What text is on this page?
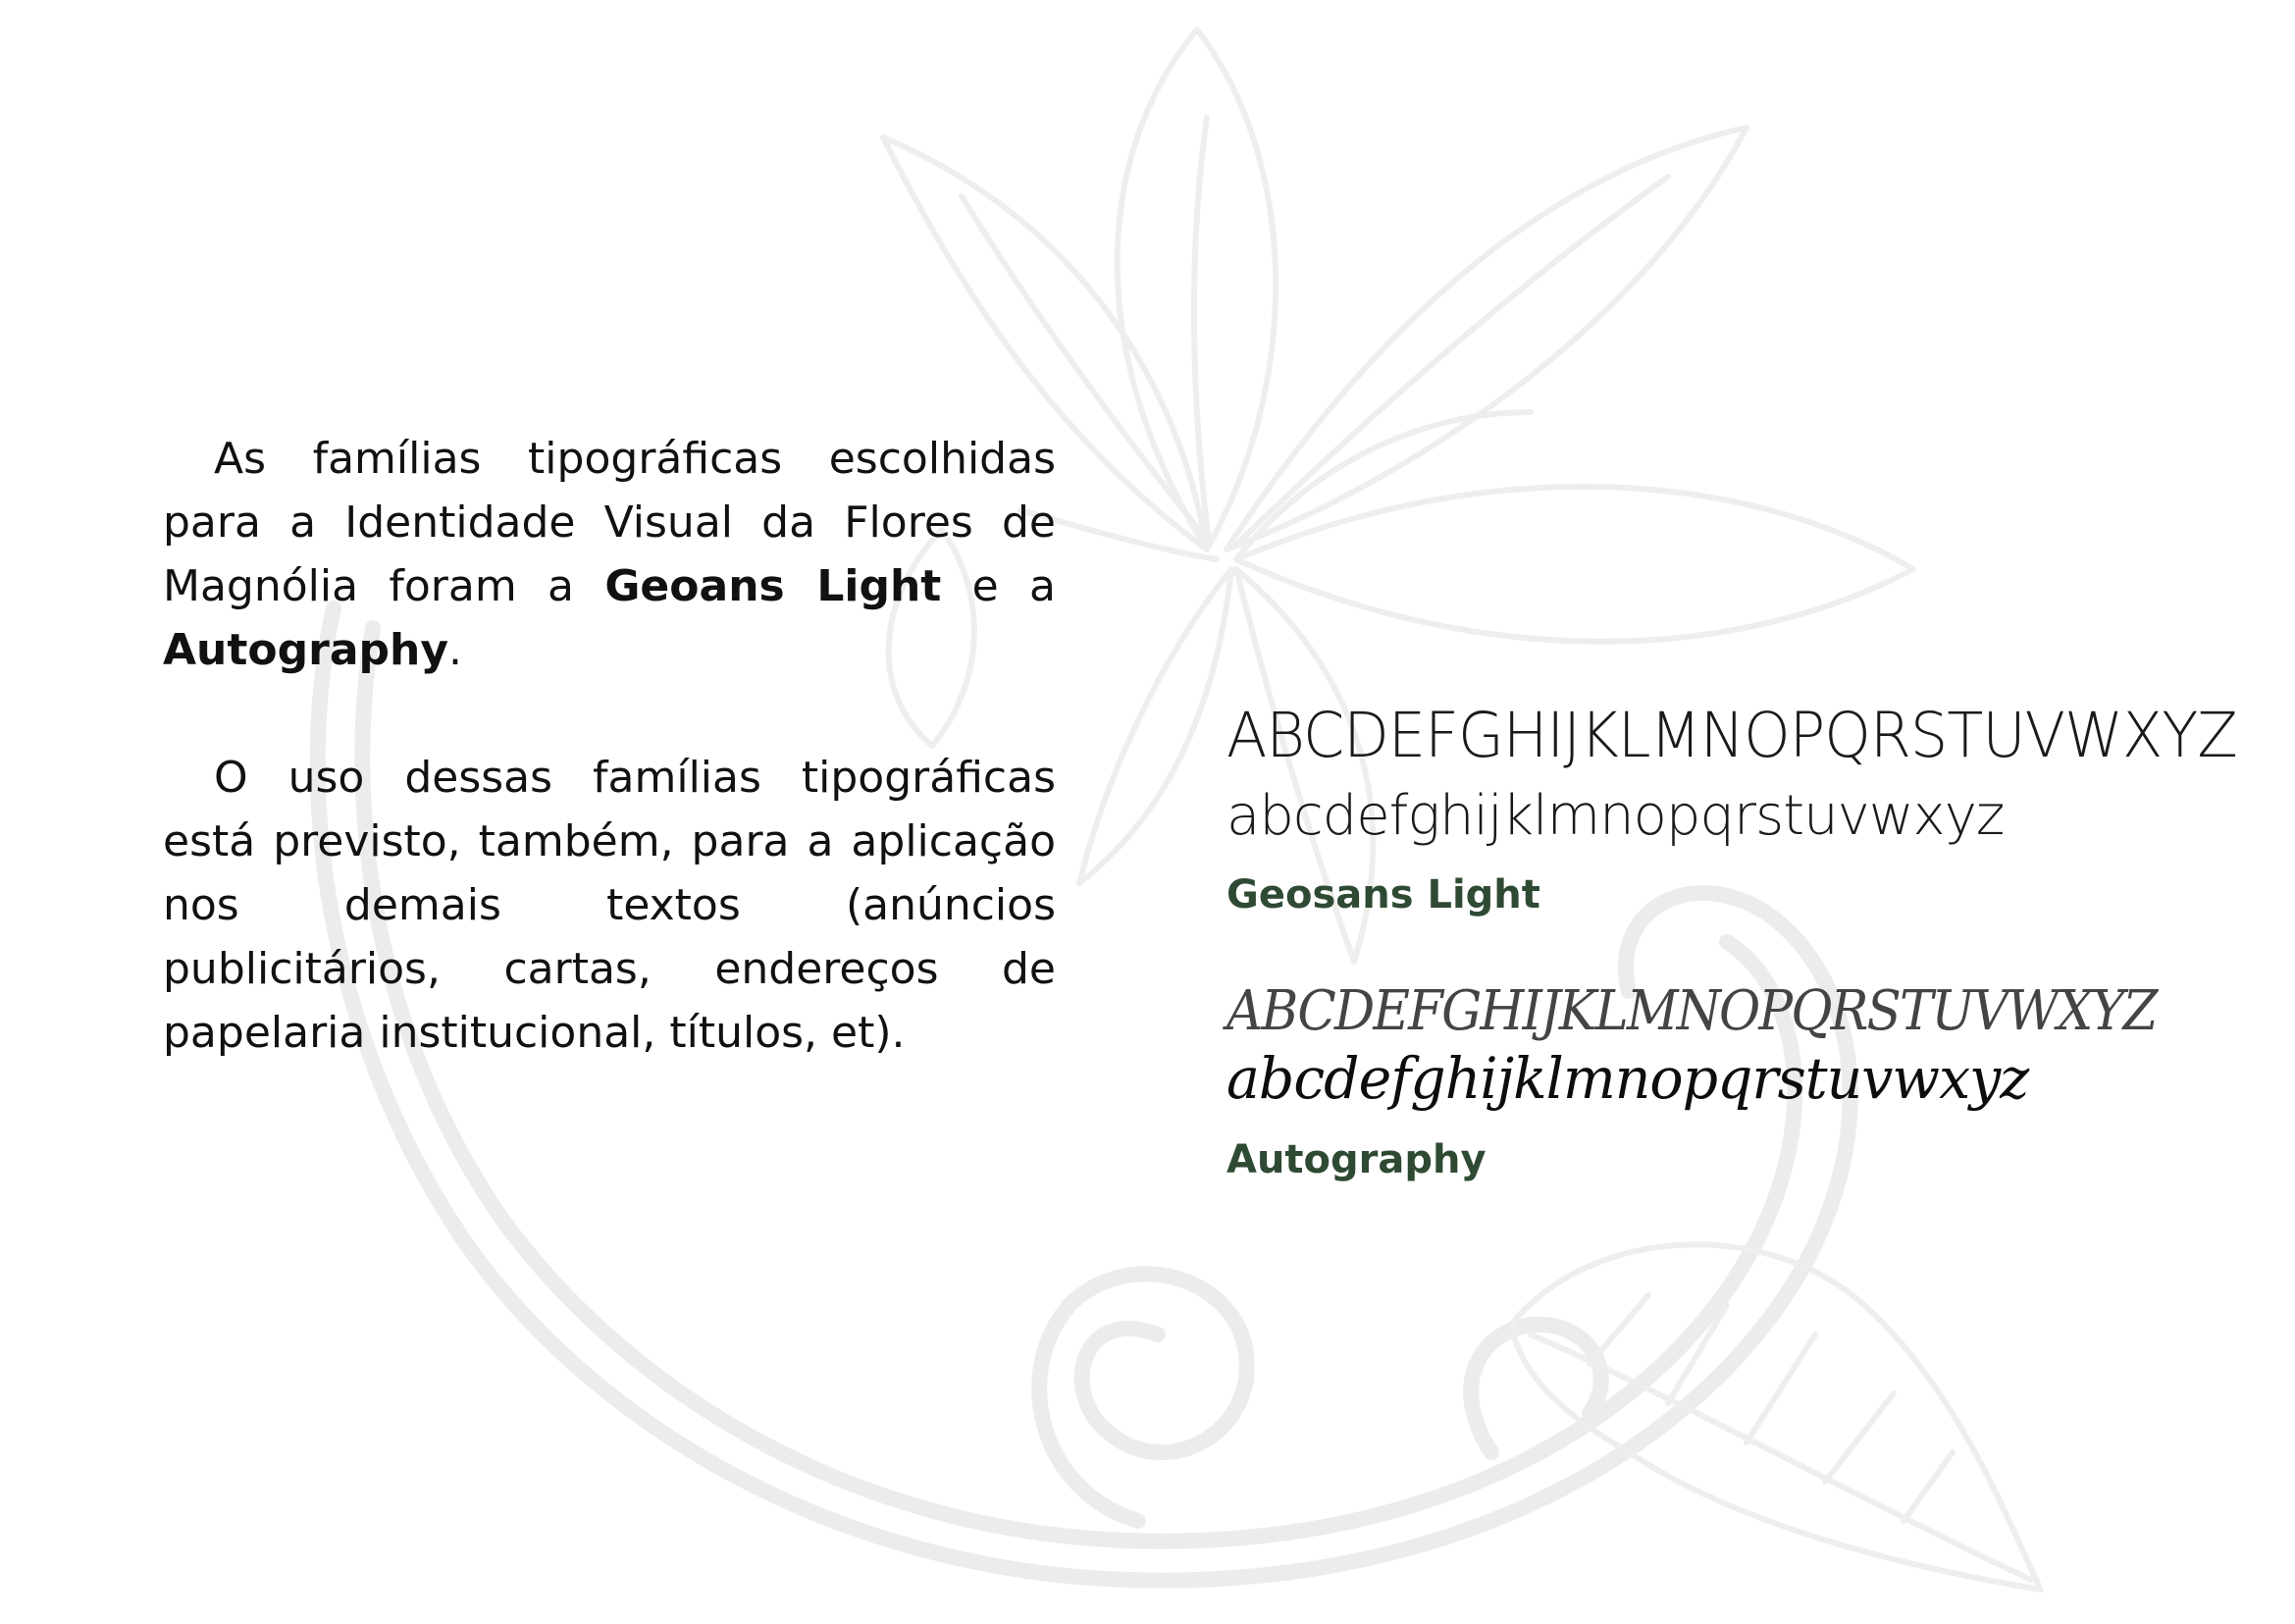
As famílias tipográficas escolhidas para a Identidade Visual da Flores de Magnólia foram a Geoans Light e a Autography.

O uso dessas famílias tipográficas está previsto, também, para a aplicação nos demais textos (anúncios publicitários, cartas, endereços de papelaria institucional, títulos, et).

ABCDEFGHIJKLMNOPQRSTUVWXYZ
abcdefghijklmnopqrstuvwxyz
Geosans Light
ABCDEFGHIJKLMNOPQRSTUVWXYZ
abcdefghijklmnopqrstuvwxyz
Autography
